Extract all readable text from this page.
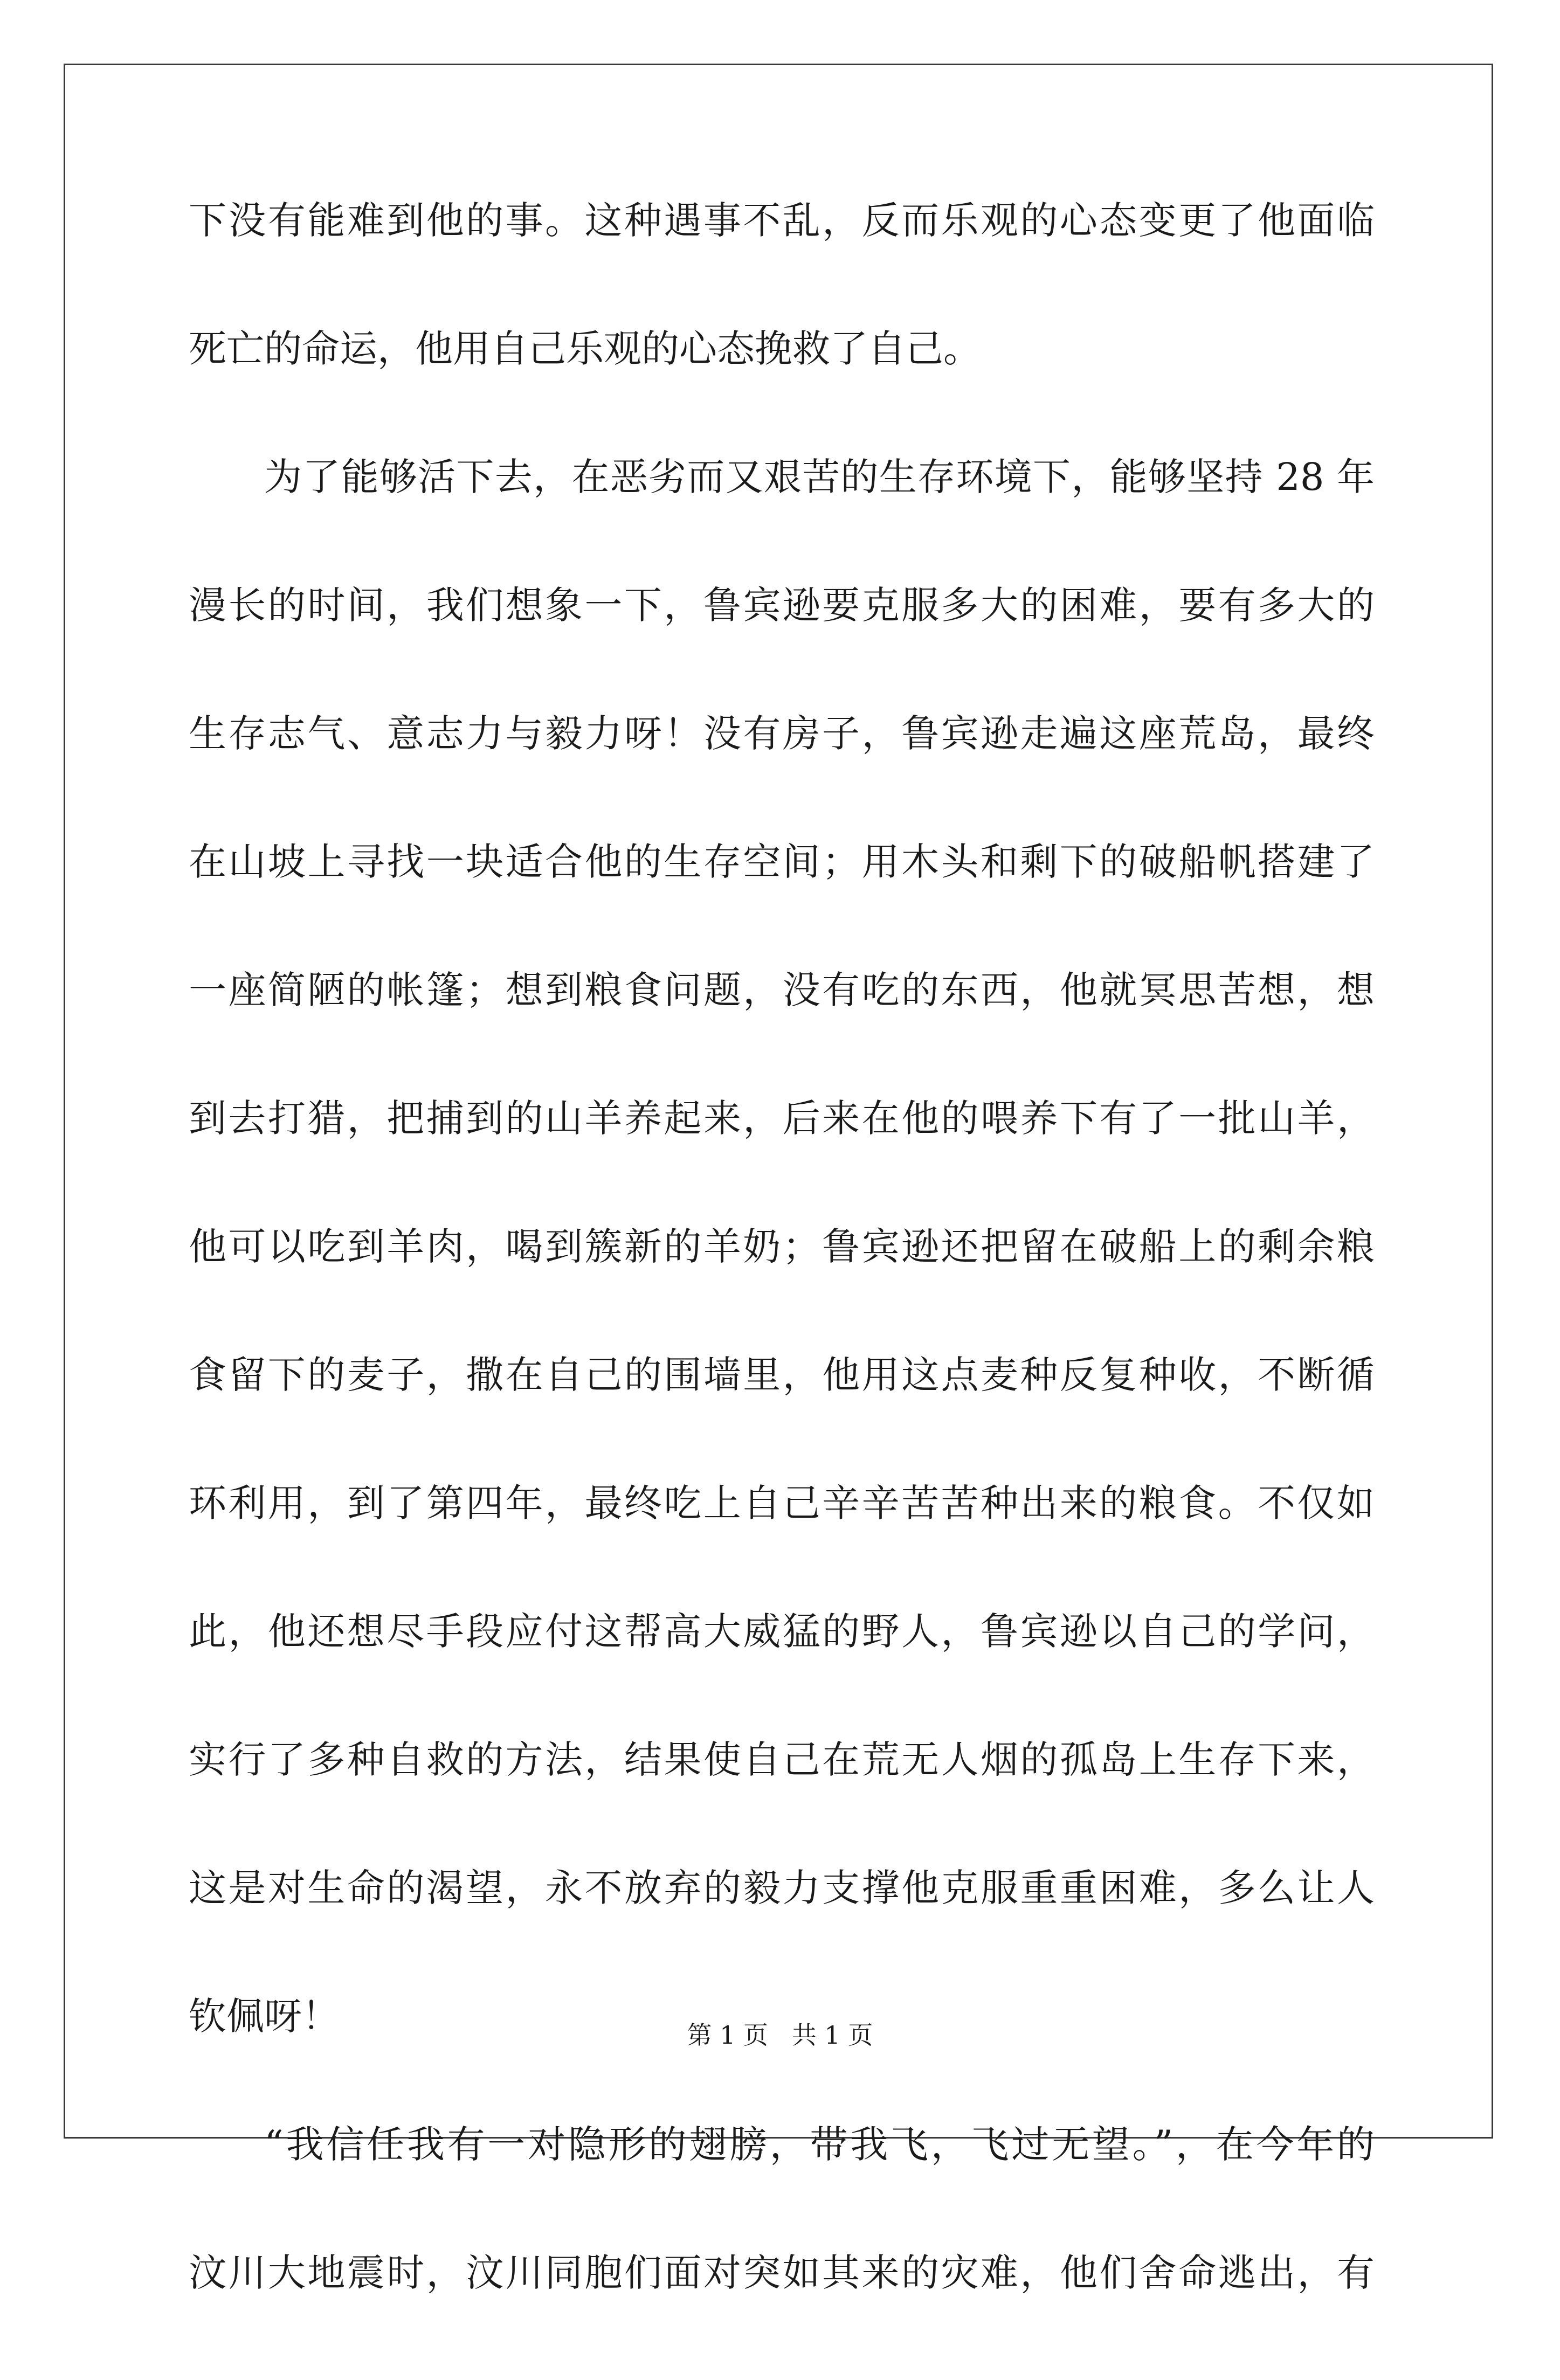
下没有能难到他的事。这种遇事不乱，反而乐观的心态变更了他面临
死亡的命运，他用自己乐观的心态挽救了自己。
为了能够活下去，在恶劣而又艰苦的生存环境下，能够坚持 28 年
漫长的时间，我们想象一下，鲁宾逊要克服多大的困难，要有多大的
生存志气、意志力与毅力呀！没有房子，鲁宾逊走遍这座荒岛，最终
在山坡上寻找一块适合他的生存空间；用木头和剩下的破船帆搭建了
一座简陋的帐篷；想到粮食问题，没有吃的东西，他就冥思苦想，想
到去打猎，把捕到的山羊养起来，后来在他的喂养下有了一批山羊，
他可以吃到羊肉，喝到簇新的羊奶；鲁宾逊还把留在破船上的剩余粮
食留下的麦子，撒在自己的围墙里，他用这点麦种反复种收，不断循
环利用，到了第四年，最终吃上自己辛辛苦苦种出来的粮食。不仅如
此，他还想尽手段应付这帮高大威猛的野人，鲁宾逊以自己的学问，
实行了多种自救的方法，结果使自己在荒无人烟的孤岛上生存下来，
这是对生命的渴望，永不放弃的毅力支撑他克服重重困难，多么让人
钦佩呀！
“我信任我有一对隐形的翅膀，带我飞，飞过无望。”，在今年的
汶川大地震时，汶川同胞们面对突如其来的灾难，他们舍命逃出，有
第 1 页   共 1 页
